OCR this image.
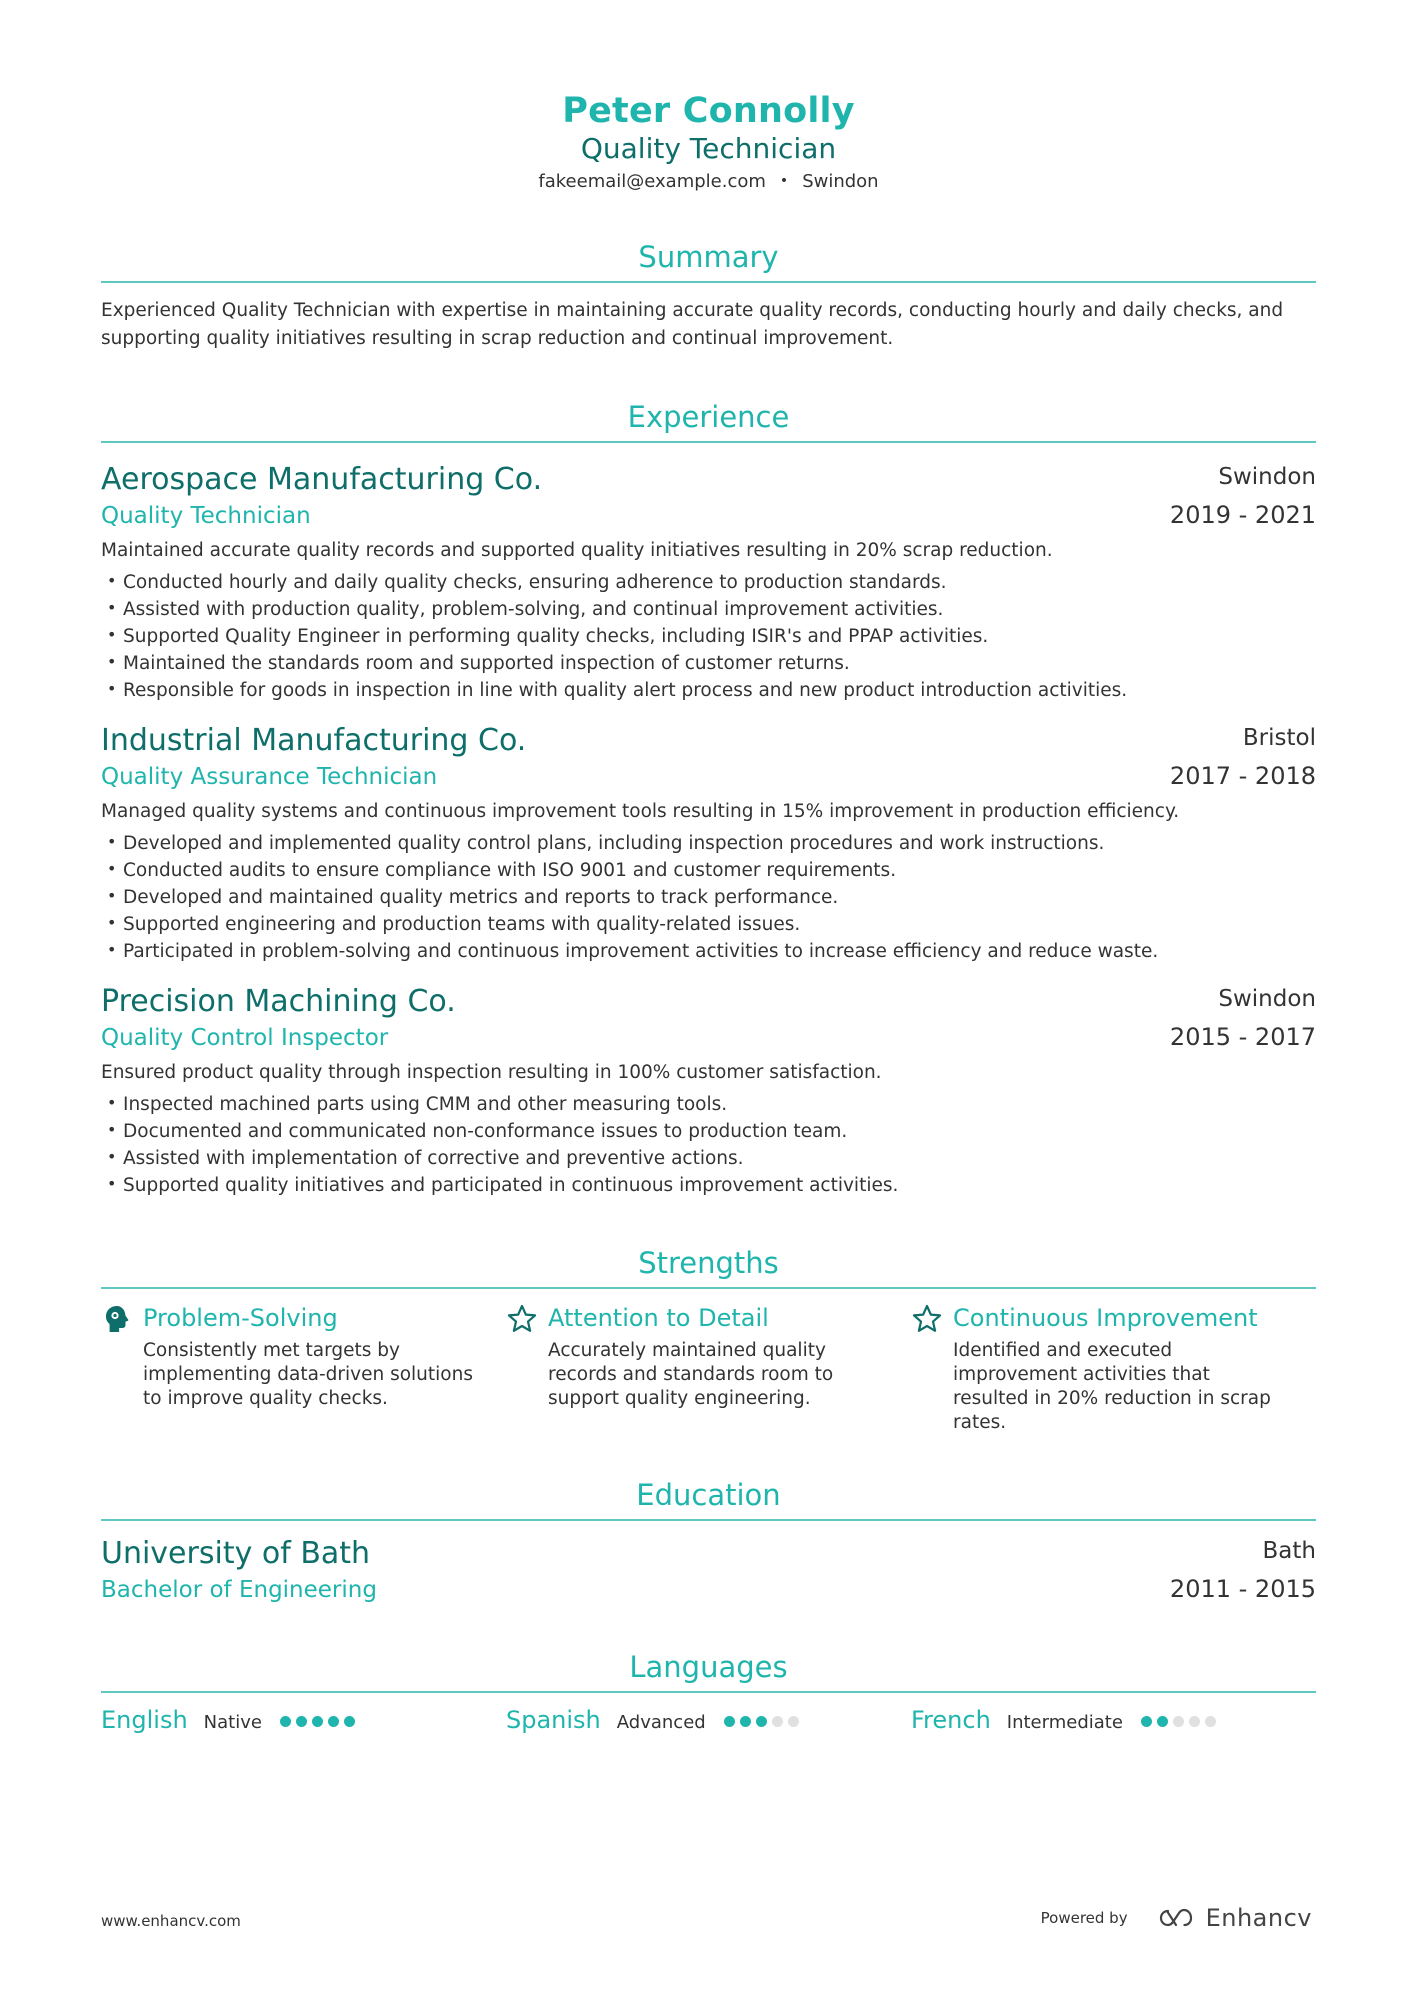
Peter Connolly
Quality Technician
fakeemail@example.com • Swindon
Summary
Experienced Quality Technician with expertise in maintaining accurate quality records, conducting hourly and daily checks, and supporting quality initiatives resulting in scrap reduction and continual improvement.
Experience
Aerospace Manufacturing Co.
Quality Technician
Swindon
2019 - 2021
Maintained accurate quality records and supported quality initiatives resulting in 20% scrap reduction.
• Conducted hourly and daily quality checks, ensuring adherence to production standards.
• Assisted with production quality, problem-solving, and continual improvement activities.
• Supported Quality Engineer in performing quality checks, including ISIR's and PPAP activities.
• Maintained the standards room and supported inspection of customer returns.
• Responsible for goods in inspection in line with quality alert process and new product introduction activities.
Industrial Manufacturing Co.
Quality Assurance Technician
Bristol
2017 - 2018
Managed quality systems and continuous improvement tools resulting in 15% improvement in production efficiency.
• Developed and implemented quality control plans, including inspection procedures and work instructions.
• Conducted audits to ensure compliance with ISO 9001 and customer requirements.
• Developed and maintained quality metrics and reports to track performance.
• Supported engineering and production teams with quality-related issues.
• Participated in problem-solving and continuous improvement activities to increase efficiency and reduce waste.
Precision Machining Co.
Quality Control Inspector
Swindon
2015 - 2017
Ensured product quality through inspection resulting in 100% customer satisfaction.
• Inspected machined parts using CMM and other measuring tools.
• Documented and communicated non-conformance issues to production team.
• Assisted with implementation of corrective and preventive actions.
• Supported quality initiatives and participated in continuous improvement activities.
Strengths
Problem-Solving
Consistently met targets by implementing data-driven solutions to improve quality checks.
Attention to Detail
Accurately maintained quality records and standards room to support quality engineering.
Continuous Improvement
Identified and executed improvement activities that resulted in 20% reduction in scrap rates.
Education
University of Bath
Bachelor of Engineering
Bath
2011 - 2015
Languages
English Native	Spanish Advanced	French Intermediate
www.enhancv.com	Powered by	Enhancv
